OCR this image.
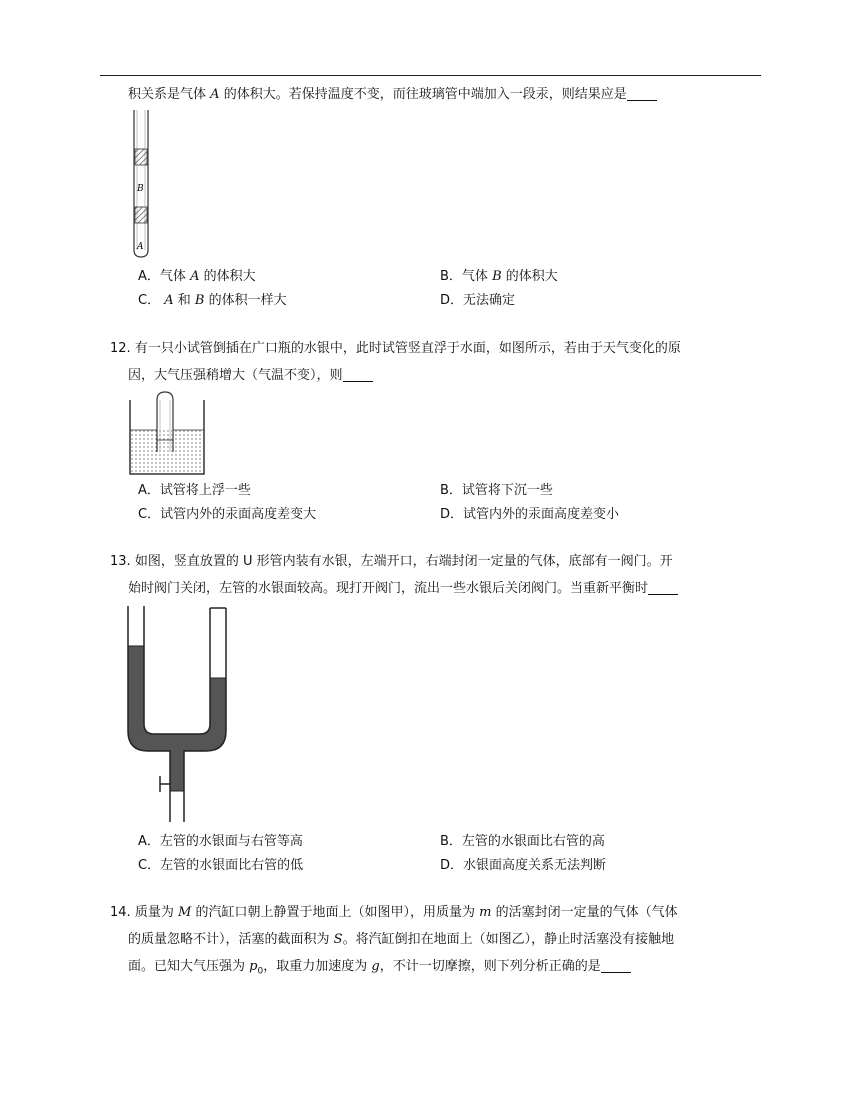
积关系是气体 A 的体积大。若保持温度不变，而往玻璃管中端加入一段汞，则结果应是
B
A
A．气体 A 的体积大	B．气体 B 的体积大
C． A 和 B 的体积一样大	D．无法确定
12. 有一只小试管倒插在广口瓶的水银中，此时试管竖直浮于水面，如图所示，若由于天气变化的原
因，大气压强稍增大（气温不变），则
A．试管将上浮一些	B．试管将下沉一些
C．试管内外的汞面高度差变大	D．试管内外的汞面高度差变小
13. 如图，竖直放置的 U 形管内装有水银，左端开口，右端封闭一定量的气体，底部有一阀门。开
始时阀门关闭，左管的水银面较高。现打开阀门，流出一些水银后关闭阀门。当重新平衡时
A．左管的水银面与右管等高	B．左管的水银面比右管的高
C．左管的水银面比右管的低	D．水银面高度关系无法判断
14. 质量为 M 的汽缸口朝上静置于地面上（如图甲），用质量为 m 的活塞封闭一定量的气体（气体
的质量忽略不计），活塞的截面积为 S。将汽缸倒扣在地面上（如图乙），静止时活塞没有接触地
面。已知大气压强为 $p_0$，取重力加速度为 g，不计一切摩擦，则下列分析正确的是
